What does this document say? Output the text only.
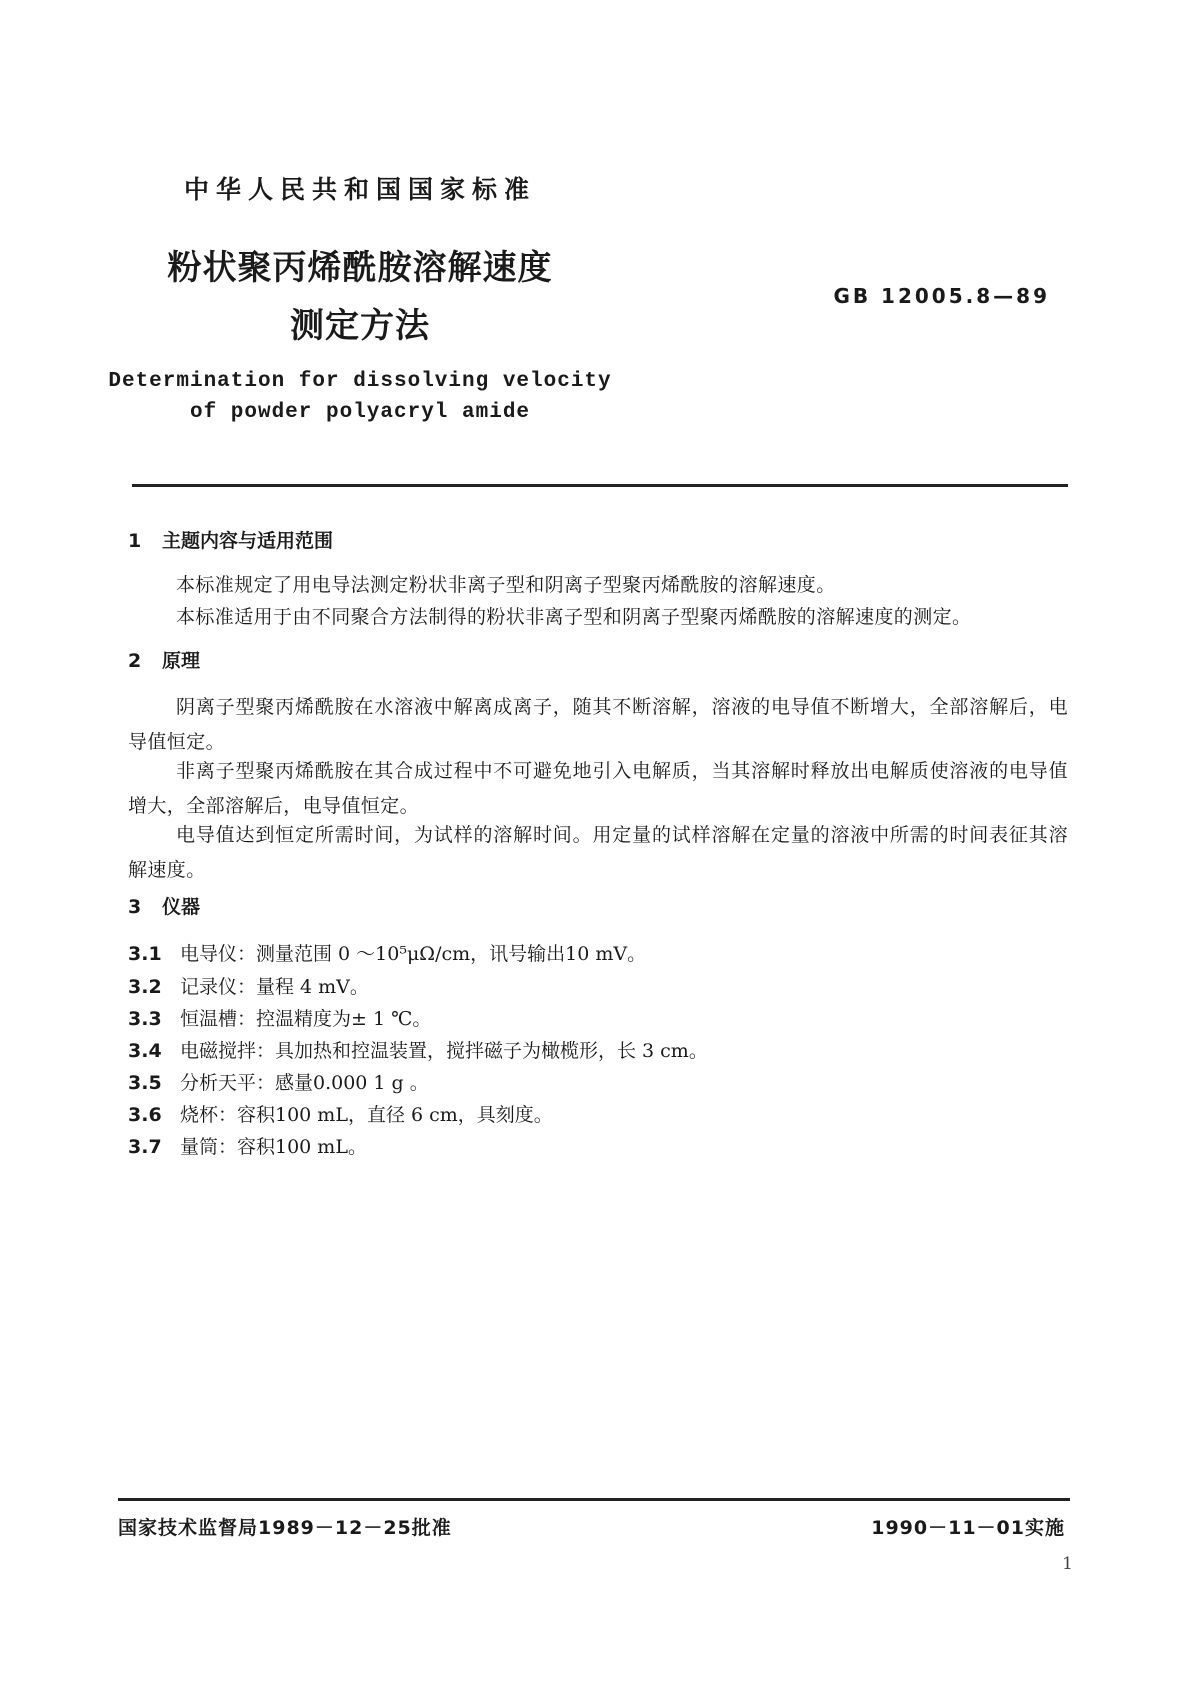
中华人民共和国国家标准
粉状聚丙烯酰胺溶解速度
测定方法
GB 12005.8—89
Determination for dissolving velocity
of powder polyacryl amide
1 主题内容与适用范围
本标准规定了用电导法测定粉状非离子型和阴离子型聚丙烯酰胺的溶解速度。
本标准适用于由不同聚合方法制得的粉状非离子型和阴离子型聚丙烯酰胺的溶解速度的测定。
2 原理
阴离子型聚丙烯酰胺在水溶液中解离成离子，随其不断溶解，溶液的电导值不断增大，全部溶解后，电导值恒定。
非离子型聚丙烯酰胺在其合成过程中不可避免地引入电解质，当其溶解时释放出电解质使溶液的电导值增大，全部溶解后，电导值恒定。
电导值达到恒定所需时间，为试样的溶解时间。用定量的试样溶解在定量的溶液中所需的时间表征其溶解速度。
3 仪器
3.1 电导仪：测量范围 0 ～10⁵μΩ/cm，讯号输出10 mV。
3.2 记录仪：量程 4 mV。
3.3 恒温槽：控温精度为± 1 ℃。
3.4 电磁搅拌：具加热和控温装置，搅拌磁子为橄榄形，长 3 cm。
3.5 分析天平：感量0.000 1 g 。
3.6 烧杯：容积100 mL，直径 6 cm，具刻度。
3.7 量筒：容积100 mL。
国家技术监督局1989－12－25批准	1990－11－01实施
1
